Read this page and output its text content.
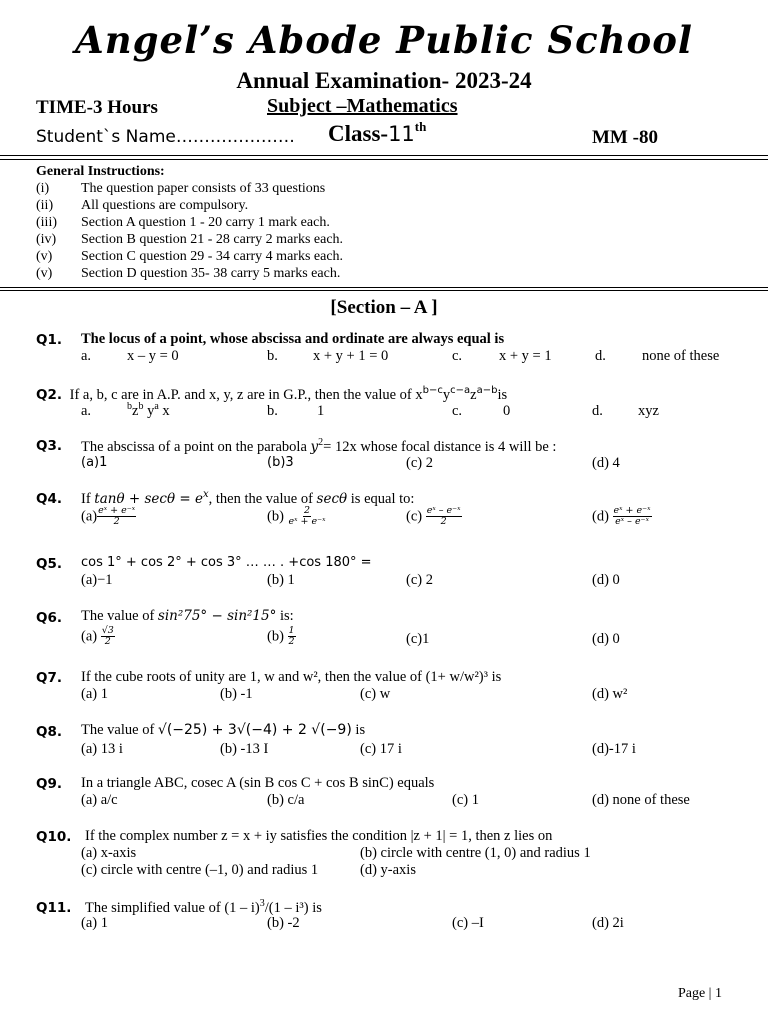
Angel’s Abode Public School
Annual Examination- 2023-24
TIME-3 Hours	Subject –Mathematics
Student`s Name………………… Class-11th
MM -80
General Instructions:
(i) The question paper consists of 33 questions
(ii) All questions are compulsory.
(iii) Section A question 1 - 20 carry 1 mark each.
(iv) Section B question 21 - 28 carry 2 marks each.
(v) Section C question 29 - 34 carry 4 marks each.
(v) Section D question 35- 38 carry 5 marks each.
[Section – A ]
Q1. The locus of a point, whose abscissa and ordinate are always equal is
a. x – y = 0	b. x + y + 1 = 0	c.	x + y = 1	d. none of these
Q2. If a, b, c are in A.P. and x, y, z are in G.P., then the value of $x^{b-c}y^{c-a}z^{a-b}is$
a.	$^bz^b$ $y^a$ x	b.	1	c.	0	d. xyz
Q3. The abscissa of a point on the parabola $y^2= 12x$ whose focal distance is 4 will be :
(a)1	(b)3	(c) 2	(d) 4
Q4. If $\tan\theta + \sec\theta = e^x$, then the value of secθ is equal to:
$(a) \frac{\text{eˣ + e⁻ˣ}}{2}$	$(b) \frac{2}{\text{eˣ + e⁻ˣ}}$	$(c) \frac{\text{eˣ – e⁻ˣ}}{2}$	$(d) \frac{\text{eˣ + e⁻ˣ}}{\text{eˣ – e⁻ˣ}}$
Q5. cos 1° + cos 2° + cos 3° … … . +cos 180° =
(a)−1	(b) 1	(c) 2	(d) 0
Q6. The value of sin²75° − sin²15° is:
$(a) \frac{√3}{2}$	$(b) \frac{1}{2}$	(c)1	(d) 0
Q7. If the cube roots of unity are 1, w and w², then the value of (1+ w/w²)³ is
(a) 1	(b) -1	(c) w	(d) w²
Q8. The value of √(−25) + 3√(−4) + 2 √(−9) is
(a) 13 i	(b) -13 I	(c) 17 i	(d)-17 i
Q9. In a triangle ABC, cosec A (sin B cos C + cos B sinC) equals
(a) a/c	(b) c/a	(c) 1	(d) none of these
Q10. If the complex number z = x + iy satisfies the condition |z + 1| = 1, then z lies on
(a) x-axis	(b) circle with centre (1, 0) and radius 1
(c) circle with centre (–1, 0) and radius 1	(d) y-axis
Q11. The simplified value of (1 – i)$^3$/(1 – i³) is
(a) 1	(b) -2	(c) –I	(d) 2i
Page | 1
